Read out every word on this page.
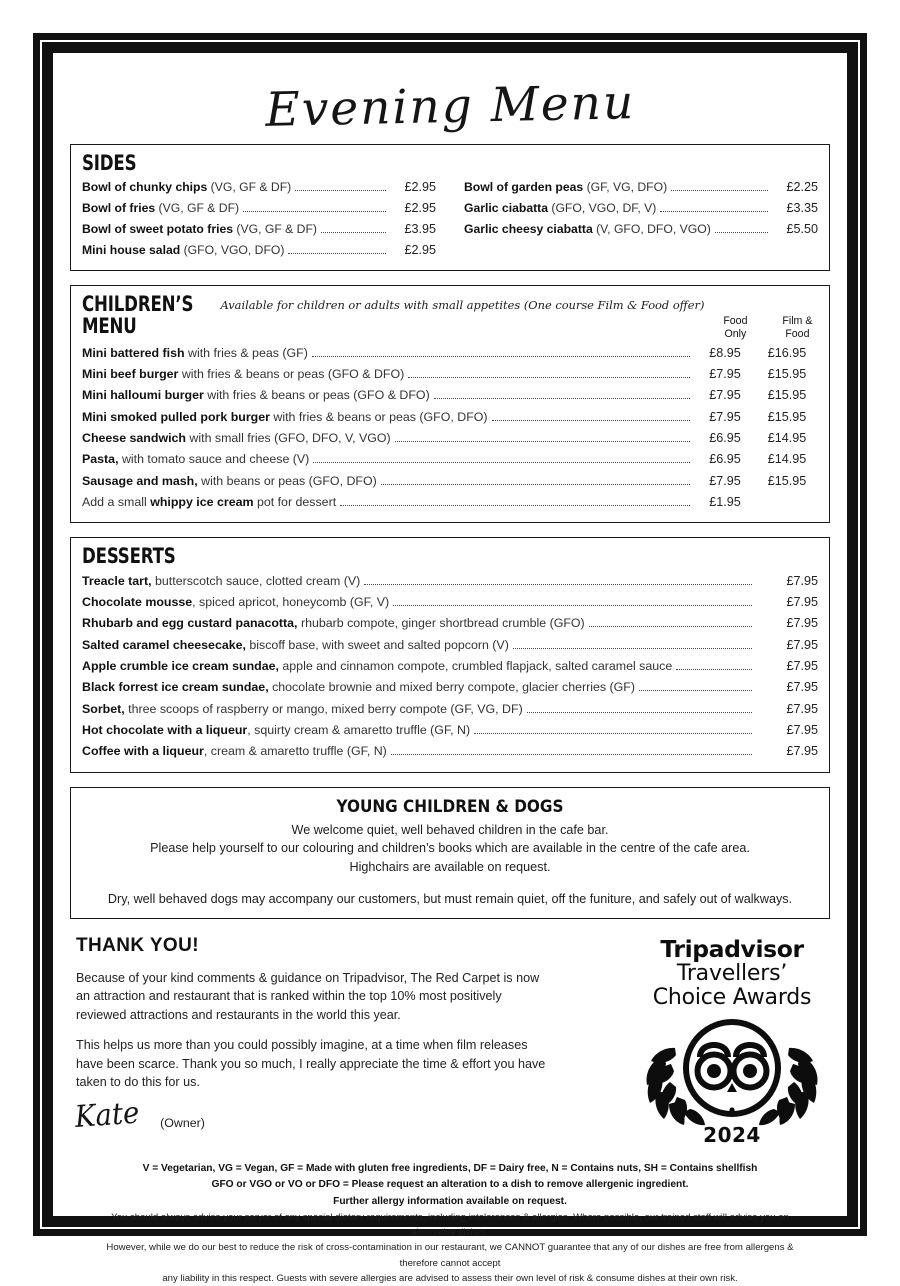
Evening Menu
SIDES
Bowl of chunky chips (VG, GF & DF)	£2.95
Bowl of fries (VG, GF & DF)	£2.95
Bowl of sweet potato fries (VG, GF & DF)	£3.95
Mini house salad (GFO, VGO, DFO)	£2.95
Bowl of garden peas (GF, VG, DFO)	£2.25
Garlic ciabatta (GFO, VGO, DF, V)	£3.35
Garlic cheesy ciabatta (V, GFO, DFO, VGO)	£5.50
CHILDREN’S MENU
Available for children or adults with small appetites (One course Film & Food offer)
Food
Only
Film &
Food
Mini battered fish with fries & peas (GF)	£8.95	£16.95
Mini beef burger with fries & beans or peas (GFO & DFO)	£7.95	£15.95
Mini halloumi burger with fries & beans or peas (GFO & DFO)	£7.95	£15.95
Mini smoked pulled pork burger with fries & beans or peas (GFO, DFO)	£7.95	£15.95
Cheese sandwich with small fries (GFO, DFO, V, VGO)	£6.95	£14.95
Pasta, with tomato sauce and cheese (V)	£6.95	£14.95
Sausage and mash, with beans or peas (GFO, DFO)	£7.95	£15.95
Add a small whippy ice cream pot for dessert	£1.95
DESSERTS
Treacle tart, butterscotch sauce, clotted cream (V)	£7.95
Chocolate mousse, spiced apricot, honeycomb (GF, V)	£7.95
Rhubarb and egg custard panacotta, rhubarb compote, ginger shortbread crumble (GFO)	£7.95
Salted caramel cheesecake, biscoff base, with sweet and salted popcorn (V)	£7.95
Apple crumble ice cream sundae, apple and cinnamon compote, crumbled flapjack, salted caramel sauce	£7.95
Black forrest ice cream sundae, chocolate brownie and mixed berry compote, glacier cherries (GF)	£7.95
Sorbet, three scoops of raspberry or mango, mixed berry compote (GF, VG, DF)	£7.95
Hot chocolate with a liqueur, squirty cream & amaretto truffle (GF, N)	£7.95
Coffee with a liqueur, cream & amaretto truffle (GF, N)	£7.95
YOUNG CHILDREN & DOGS

We welcome quiet, well behaved children in the cafe bar.

Please help yourself to our colouring and children’s books which are available in the centre of the cafe area.

Highchairs are available on request.

Dry, well behaved dogs may accompany our customers, but must remain quiet, off the funiture, and safely out of walkways.

THANK YOU!

Because of your kind comments & guidance on Tripadvisor, The Red Carpet is now an attraction and restaurant that is ranked within the top 10% most positively reviewed attractions and restaurants in the world this year.

This helps us more than you could possibly imagine, at a time when film releases have been scarce. Thank you so much, I really appreciate the time & effort you have taken to do this for us.

Kate (Owner)
Tripadvisor
Travellers’
Choice Awards
2024
V = Vegetarian, VG = Vegan, GF = Made with gluten free ingredients, DF = Dairy free, N = Contains nuts, SH = Contains shellfish
GFO or VGO or VO or DFO = Please request an alteration to a dish to remove allergenic ingredient.
Further allergy information available on request.
You should always advise your server of any special dietary requirements, including intolerances & allergies. Where possible, our trained staff will advise you on alternative dishes.
However, while we do our best to reduce the risk of cross-contamination in our restaurant, we CANNOT guarantee that any of our dishes are free from allergens & therefore cannot accept
any liability in this respect. Guests with severe allergies are advised to assess their own level of risk & consume dishes at their own risk.
